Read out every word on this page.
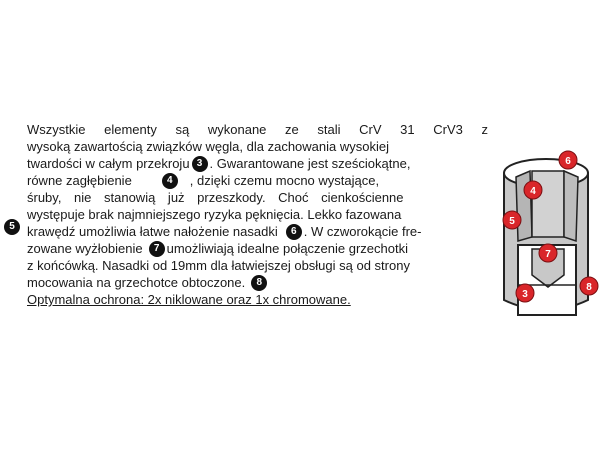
Wszystkie elementy są wykonane ze stali CrV 31 CrV3 z
wysoką zawartością związków węgla, dla zachowania wysokiej
twardości w całym przekroju 3 . Gwarantowane jest sześciokątne,
równe zagłębienie	4	, dzięki czemu mocno wystające,
śruby, nie stanowią już przeszkody. Choć cienkościenne
występuje brak najmniejszego ryzyka pęknięcia. Lekko fazowana
krawędź umożliwia łatwe nałożenie nasadki	6 . W czworokącie fre-
zowane wyżłobienie	7 umożliwiają idealne połączenie grzechotki
z końcówką. Nasadki od 19mm dla łatwiejszej obsługi są od strony
mocowania na grzechotce obtoczone.	8
Optymalna ochrona: 2x niklowane oraz 1x chromowane.
5
6
4
5
7
3
8
